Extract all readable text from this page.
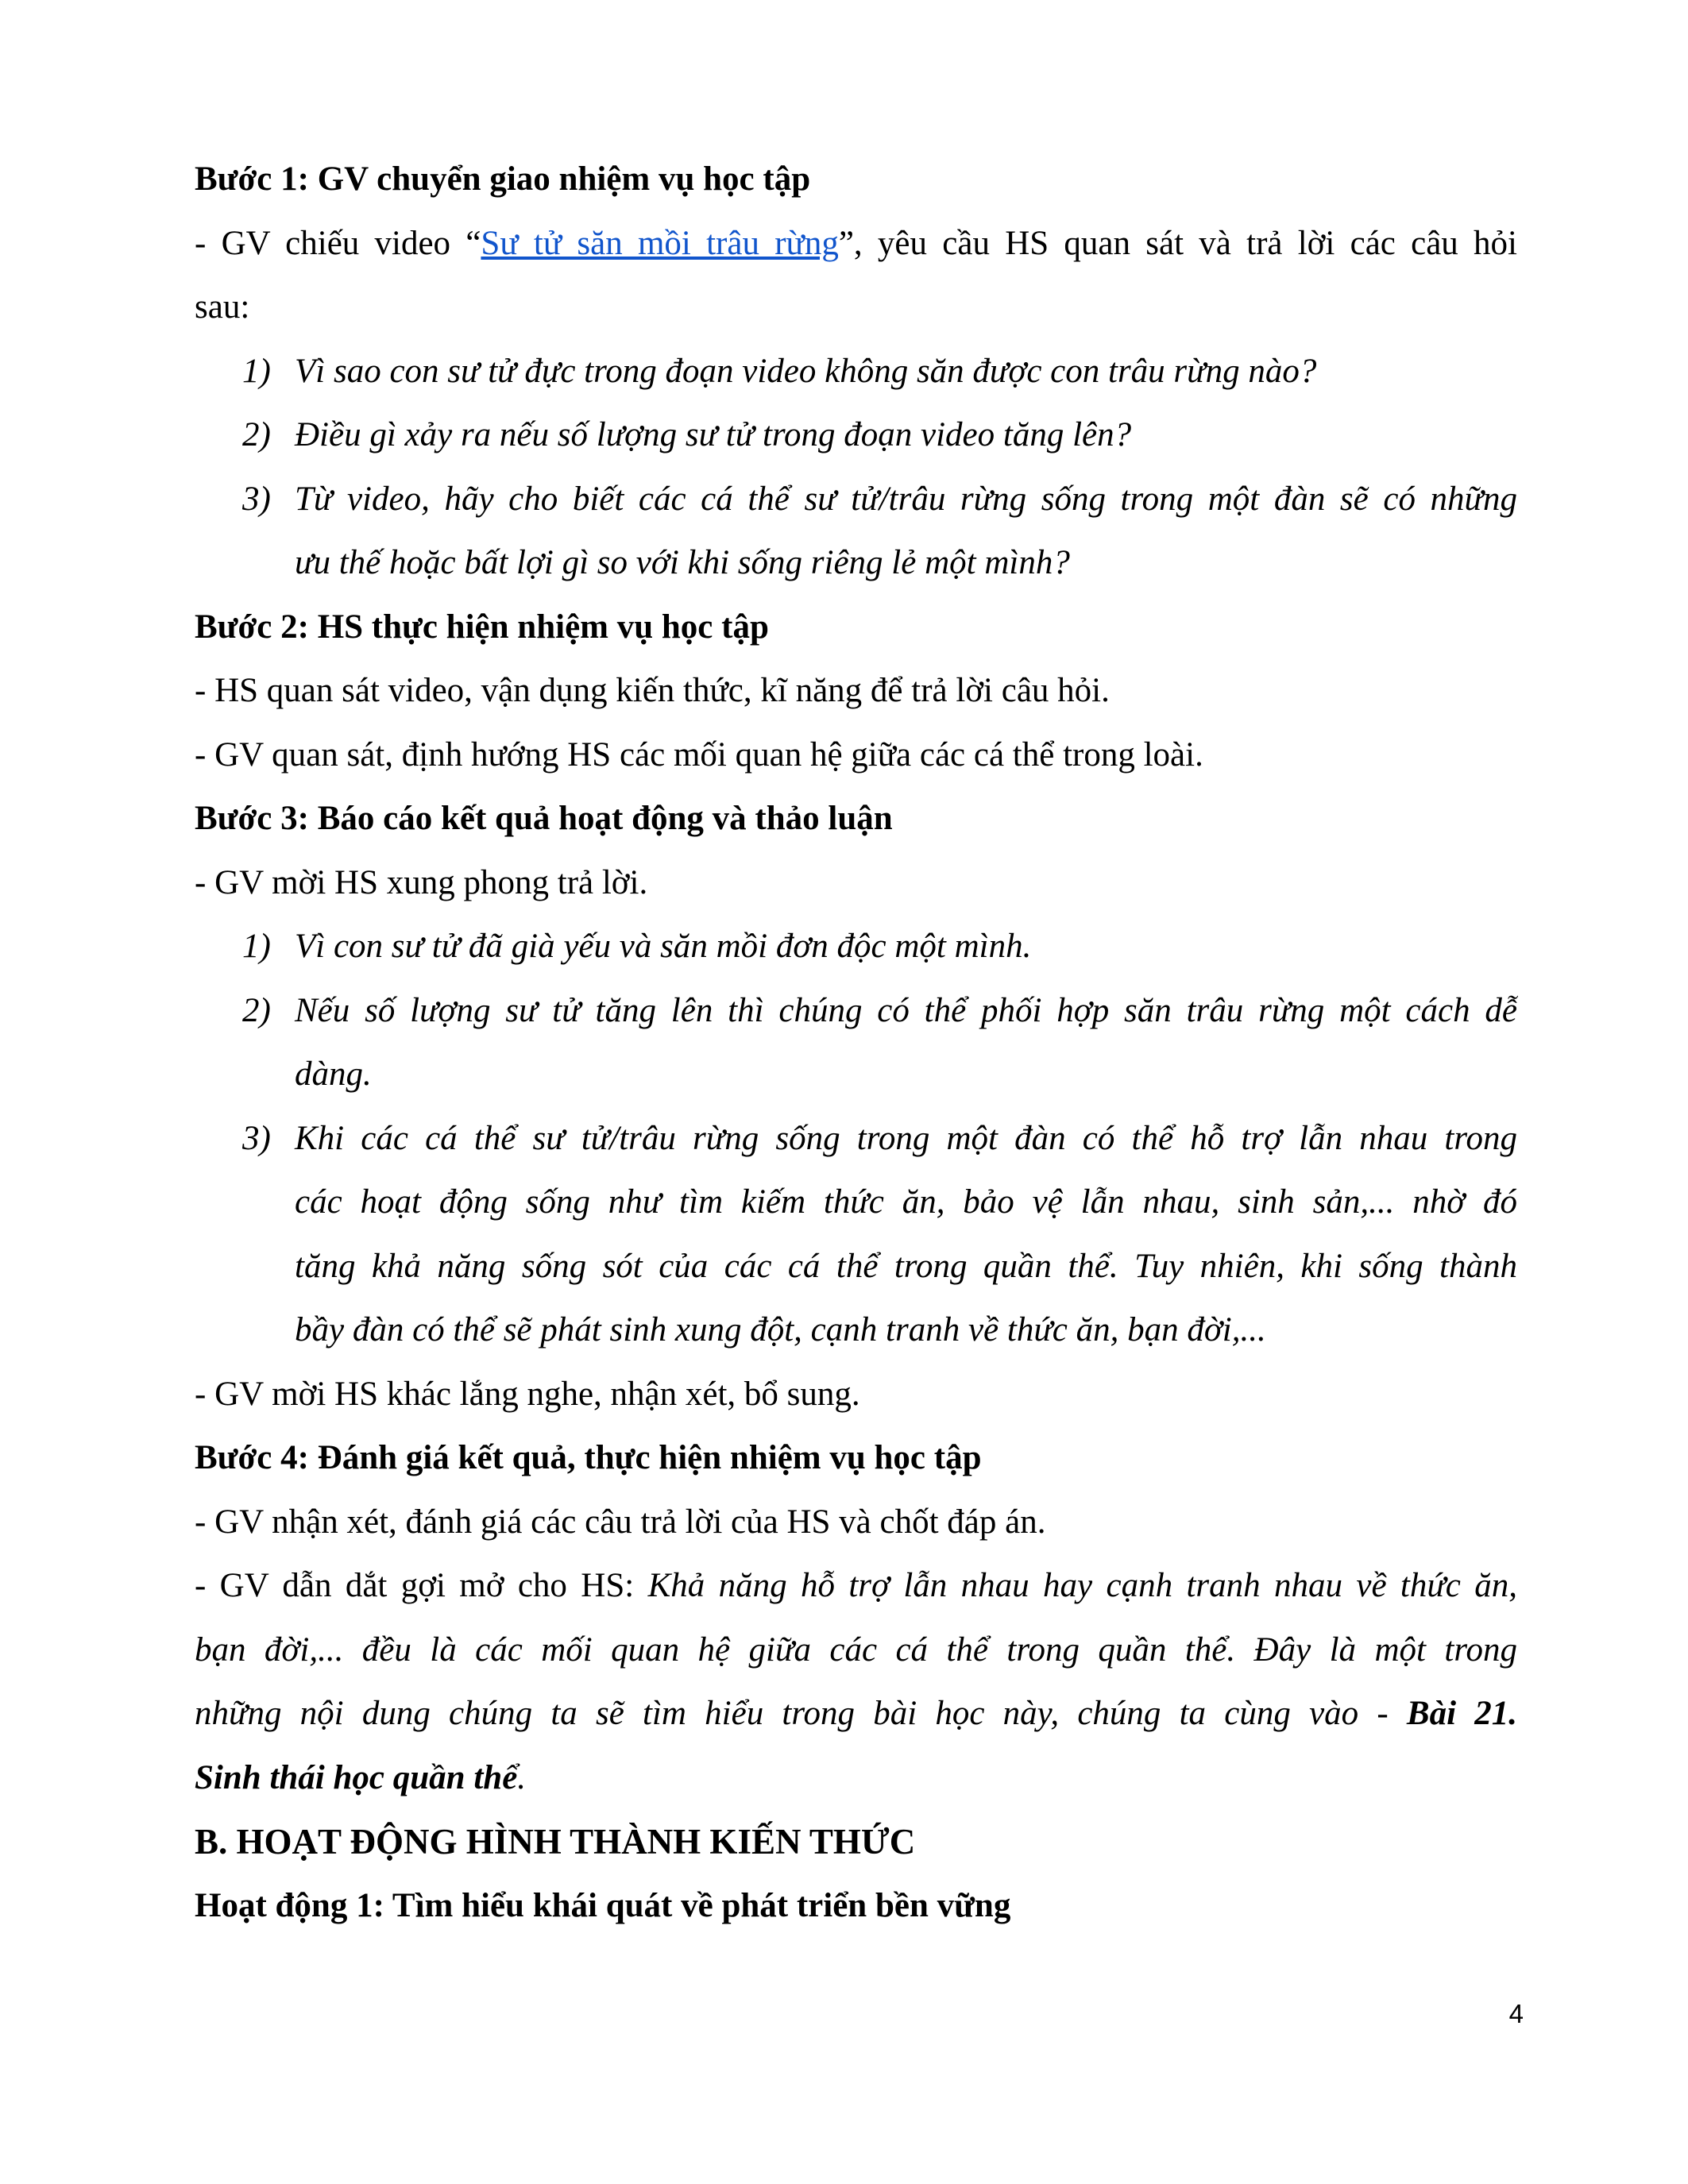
Bước 1: GV chuyển giao nhiệm vụ học tập
- GV chiếu video “Sư tử săn mồi trâu rừng”, yêu cầu HS quan sát và trả lời các câu hỏi
sau:
1) Vì sao con sư tử đực trong đoạn video không săn được con trâu rừng nào?
2) Điều gì xảy ra nếu số lượng sư tử trong đoạn video tăng lên?
3) Từ video, hãy cho biết các cá thể sư tử/trâu rừng sống trong một đàn sẽ có những
ưu thế hoặc bất lợi gì so với khi sống riêng lẻ một mình?
Bước 2: HS thực hiện nhiệm vụ học tập
- HS quan sát video, vận dụng kiến thức, kĩ năng để trả lời câu hỏi.
- GV quan sát, định hướng HS các mối quan hệ giữa các cá thể trong loài.
Bước 3: Báo cáo kết quả hoạt động và thảo luận
- GV mời HS xung phong trả lời.
1) Vì con sư tử đã già yếu và săn mồi đơn độc một mình.
2) Nếu số lượng sư tử tăng lên thì chúng có thể phối hợp săn trâu rừng một cách dễ
dàng.
3) Khi các cá thể sư tử/trâu rừng sống trong một đàn có thể hỗ trợ lẫn nhau trong
các hoạt động sống như tìm kiếm thức ăn, bảo vệ lẫn nhau, sinh sản,... nhờ đó
tăng khả năng sống sót của các cá thể trong quần thể. Tuy nhiên, khi sống thành
bầy đàn có thể sẽ phát sinh xung đột, cạnh tranh về thức ăn, bạn đời,...
- GV mời HS khác lắng nghe, nhận xét, bổ sung.
Bước 4: Đánh giá kết quả, thực hiện nhiệm vụ học tập
- GV nhận xét, đánh giá các câu trả lời của HS và chốt đáp án.
- GV dẫn dắt gợi mở cho HS: Khả năng hỗ trợ lẫn nhau hay cạnh tranh nhau về thức ăn,
bạn đời,... đều là các mối quan hệ giữa các cá thể trong quần thể. Đây là một trong
những nội dung chúng ta sẽ tìm hiểu trong bài học này, chúng ta cùng vào - Bài 21.
Sinh thái học quần thể.
B. HOẠT ĐỘNG HÌNH THÀNH KIẾN THỨC
Hoạt động 1: Tìm hiểu khái quát về phát triển bền vững
4
